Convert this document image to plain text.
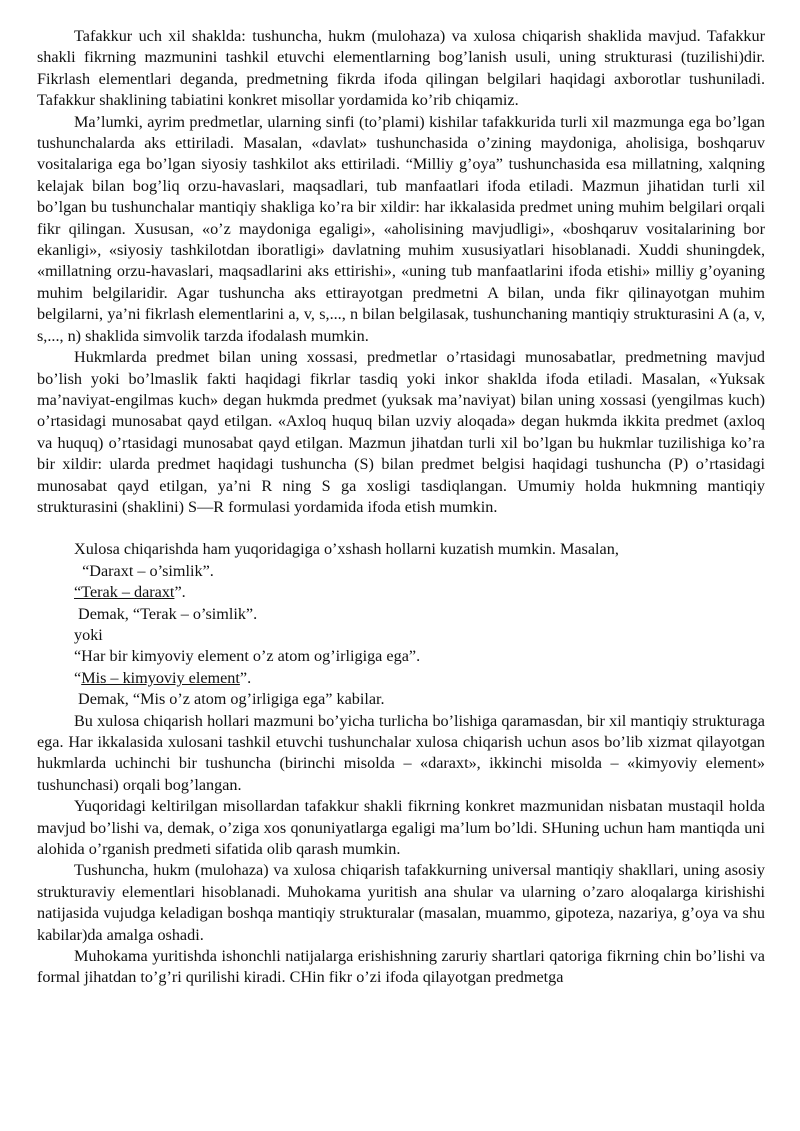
Tafakkur uch xil shaklda: tushuncha, hukm (mulohaza) va xulosa chiqarish shaklida mavjud. Tafakkur shakli fikrning mazmunini tashkil etuvchi elementlarning bog’lanish usuli, uning strukturasi (tuzilishi)dir. Fikrlash elementlari deganda, predmetning fikrda ifoda qilingan belgilari haqidagi axborotlar tushuniladi. Tafakkur shaklining tabiatini konkret misollar yordamida ko’rib chiqamiz.

Ma’lumki, ayrim predmetlar, ularning sinfi (to’plami) kishilar tafakkurida turli xil mazmunga ega bo’lgan tushunchalarda aks ettiriladi. Masalan, «davlat» tushunchasida o’zining maydoniga, aholisiga, boshqaruv vositalariga ega bo’lgan siyosiy tashkilot aks ettiriladi. “Milliy g’oya” tushunchasida esa millatning, xalqning kelajak bilan bog’liq orzu-havaslari, maqsadlari, tub manfaatlari ifoda etiladi. Mazmun jihatidan turli xil bo’lgan bu tushunchalar mantiqiy shakliga ko’ra bir xildir: har ikkalasida predmet uning muhim belgilari orqali fikr qilingan. Xususan, «o’z maydoniga egaligi», «aholisining mavjudligi», «boshqaruv vositalarining bor ekanligi», «siyosiy tashkilotdan iboratligi» davlatning muhim xususiyatlari hisoblanadi. Xuddi shuningdek, «millatning orzu-havaslari, maqsadlarini aks ettirishi», «uning tub manfaatlarini ifoda etishi» milliy g’oyaning muhim belgilaridir. Agar tushuncha aks ettirayotgan predmetni A bilan, unda fikr qilinayotgan muhim belgilarni, ya’ni fikrlash elementlarini a, v, s,..., n bilan belgilasak, tushunchaning mantiqiy strukturasini A (a, v, s,..., n) shaklida simvolik tarzda ifodalash mumkin.

Hukmlarda predmet bilan uning xossasi, predmetlar o’rtasidagi munosabatlar, predmetning mavjud bo’lish yoki bo’lmaslik fakti haqidagi fikrlar tasdiq yoki inkor shaklda ifoda etiladi. Masalan, «Yuksak ma’naviyat-engilmas kuch» degan hukmda predmet (yuksak ma’naviyat) bilan uning xossasi (yengilmas kuch) o’rtasidagi munosabat qayd etilgan. «Axloq huquq bilan uzviy aloqada» degan hukmda ikkita predmet (axloq va huquq) o’rtasidagi munosabat qayd etilgan. Mazmun jihatdan turli xil bo’lgan bu hukmlar tuzilishiga ko’ra bir xildir: ularda predmet haqidagi tushuncha (S) bilan predmet belgisi haqidagi tushuncha (P) o’rtasidagi munosabat qayd etilgan, ya’ni R ning S ga xosligi tasdiqlangan. Umumiy holda hukmning mantiqiy strukturasini (shaklini) S—R formulasi yordamida ifoda etish mumkin.

Xulosa chiqarishda ham yuqoridagiga o’xshash hollarni kuzatish mumkin. Masalan,

“Daraxt – o’simlik”.

“Terak – daraxt”.

Demak, “Terak – o’simlik”.

yoki

“Har bir kimyoviy element o’z atom og’irligiga ega”.

“Mis – kimyoviy element”.

Demak, “Mis o’z atom og’irligiga ega” kabilar.

Bu xulosa chiqarish hollari mazmuni bo’yicha turlicha bo’lishiga qaramasdan, bir xil mantiqiy strukturaga ega. Har ikkalasida xulosani tashkil etuvchi tushunchalar xulosa chiqarish uchun asos bo’lib xizmat qilayotgan hukmlarda uchinchi bir tushuncha (birinchi misolda – «daraxt», ikkinchi misolda – «kimyoviy element» tushunchasi) orqali bog’langan.

Yuqoridagi keltirilgan misollardan tafakkur shakli fikrning konkret mazmunidan nisbatan mustaqil holda mavjud bo’lishi va, demak, o’ziga xos qonuniyatlarga egaligi ma’lum bo’ldi. SHuning uchun ham mantiqda uni alohida o’rganish predmeti sifatida olib qarash mumkin.

Tushuncha, hukm (mulohaza) va xulosa chiqarish tafakkurning universal mantiqiy shakllari, uning asosiy strukturaviy elementlari hisoblanadi. Muhokama yuritish ana shular va ularning o’zaro aloqalarga kirishishi natijasida vujudga keladigan boshqa mantiqiy strukturalar (masalan, muammo, gipoteza, nazariya, g’oya va shu kabilar)da amalga oshadi.

Muhokama yuritishda ishonchli natijalarga erishishning zaruriy shartlari qatoriga fikrning chin bo’lishi va formal jihatdan to’g’ri qurilishi kiradi. CHin fikr o’zi ifoda qilayotgan predmetga
